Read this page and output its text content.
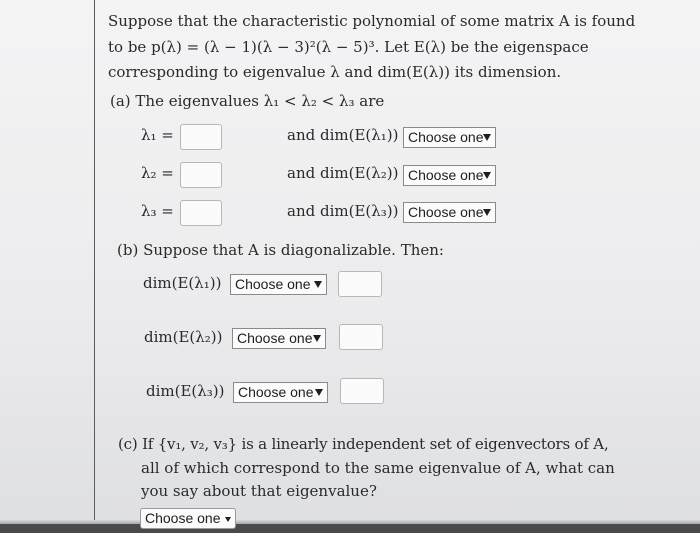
Suppose that the characteristic polynomial of some matrix A is found
to be p(λ) = (λ − 1)(λ − 3)²(λ − 5)³. Let E(λ) be the eigenspace
corresponding to eigenvalue λ and dim(E(λ)) its dimension.
(a) The eigenvalues λ₁ < λ₂ < λ₃ are
λ₁ =	and dim(E(λ₁)) Choose one
λ₂ =	and dim(E(λ₂)) Choose one
λ₃ =	and dim(E(λ₃)) Choose one
(b) Suppose that A is diagonalizable. Then:
dim(E(λ₁)) Choose one
dim(E(λ₂))	Choose one
dim(E(λ₃)) Choose one
(c) If {v₁, v₂, v₃} is a linearly independent set of eigenvectors of A,
all of which correspond to the same eigenvalue of A, what can
you say about that eigenvalue?
Choose one
